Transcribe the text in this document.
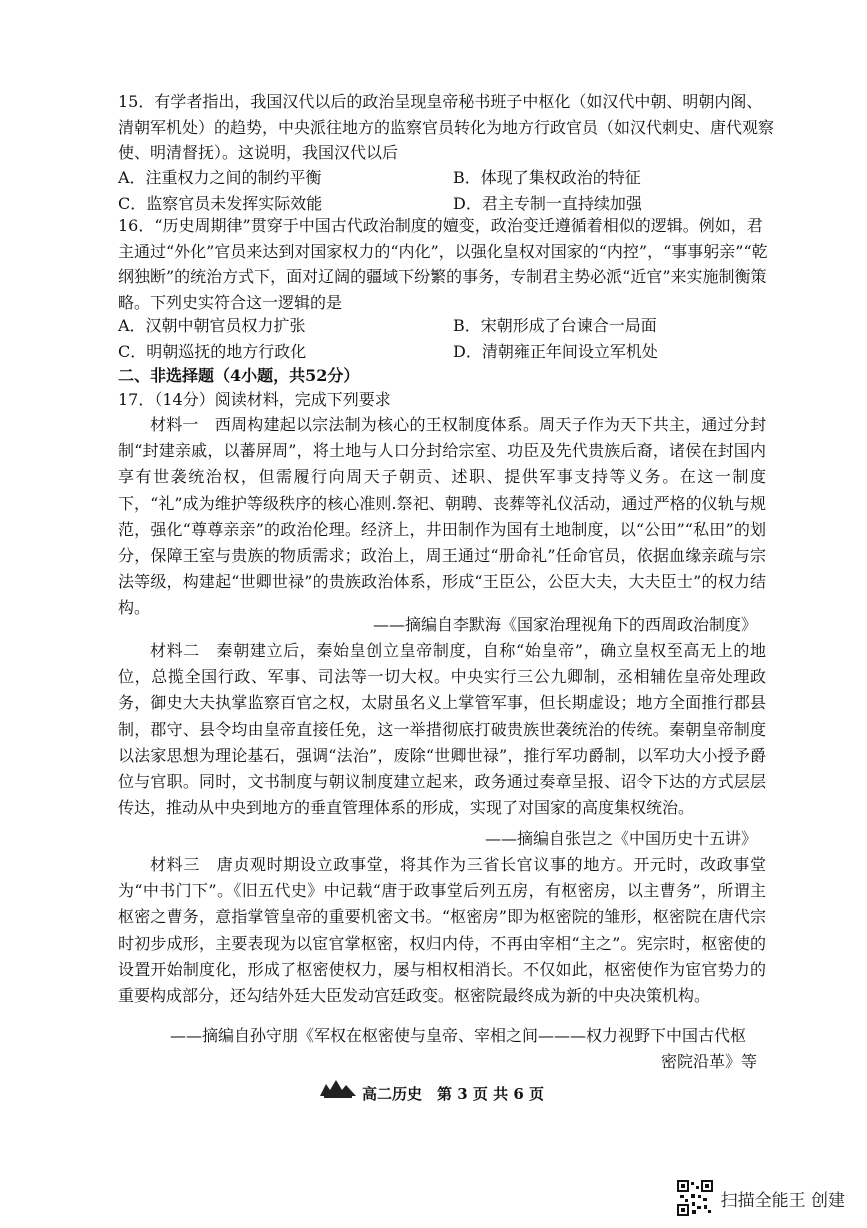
15．有学者指出，我国汉代以后的政治呈现皇帝秘书班子中枢化（如汉代中朝、明朝内阁、清朝军机处）的趋势，中央派往地方的监察官员转化为地方行政官员（如汉代刺史、唐代观察使、明清督抚）。这说明，我国汉代以后
A．注重权力之间的制约平衡	B．体现了集权政治的特征
C．监察官员未发挥实际效能	D．君主专制一直持续加强
16．“历史周期律”贯穿于中国古代政治制度的嬗变，政治变迁遵循着相似的逻辑。例如，君主通过“外化”官员来达到对国家权力的“内化”，以强化皇权对国家的“内控”，“事事躬亲”“乾纲独断”的统治方式下，面对辽阔的疆域下纷繁的事务，专制君主势必派“近官”来实施制衡策略。下列史实符合这一逻辑的是
A．汉朝中朝官员权力扩张	B．宋朝形成了台谏合一局面
C．明朝巡抚的地方行政化	D．清朝雍正年间设立军机处
二、非选择题（4小题，共52分）
17．（14分）阅读材料，完成下列要求

材料一　西周构建起以宗法制为核心的王权制度体系。周天子作为天下共主，通过分封制“封建亲戚，以蕃屏周”，将土地与人口分封给宗室、功臣及先代贵族后裔，诸侯在封国内享有世袭统治权，但需履行向周天子朝贡、述职、提供军事支持等义务。在这一制度下，“礼”成为维护等级秩序的核心准则.祭祀、朝聘、丧葬等礼仪活动，通过严格的仪轨与规范，强化“尊尊亲亲”的政治伦理。经济上，井田制作为国有土地制度，以“公田”“私田”的划分，保障王室与贵族的物质需求；政治上，周王通过“册命礼”任命官员，依据血缘亲疏与宗法等级，构建起“世卿世禄”的贵族政治体系，形成“王臣公，公臣大夫，大夫臣士”的权力结构。

——摘编自李默海《国家治理视角下的西周政治制度》

材料二　秦朝建立后，秦始皇创立皇帝制度，自称“始皇帝”，确立皇权至高无上的地位，总揽全国行政、军事、司法等一切大权。中央实行三公九卿制，丞相辅佐皇帝处理政务，御史大夫执掌监察百官之权，太尉虽名义上掌管军事，但长期虚设；地方全面推行郡县制，郡守、县令均由皇帝直接任免，这一举措彻底打破贵族世袭统治的传统。秦朝皇帝制度以法家思想为理论基石，强调“法治”，废除“世卿世禄”，推行军功爵制，以军功大小授予爵位与官职。同时，文书制度与朝议制度建立起来，政务通过奏章呈报、诏令下达的方式层层传达，推动从中央到地方的垂直管理体系的形成，实现了对国家的高度集权统治。

——摘编自张岂之《中国历史十五讲》

材料三　唐贞观时期设立政事堂，将其作为三省长官议事的地方。开元时，改政事堂为“中书门下”。《旧五代史》中记载“唐于政事堂后列五房，有枢密房，以主曹务”，所谓主枢密之曹务，意指掌管皇帝的重要机密文书。“枢密房”即为枢密院的雏形，枢密院在唐代宗时初步成形，主要表现为以宦官掌枢密，权归内侍，不再由宰相“主之”。宪宗时，枢密使的设置开始制度化，形成了枢密使权力，屡与相权相消长。不仅如此，枢密使作为宦官势力的重要构成部分，还勾结外廷大臣发动宫廷政变。枢密院最终成为新的中央决策机构。

——摘编自孙守朋《军权在枢密使与皇帝、宰相之间———权力视野下中国古代枢
密院沿革》等
高二历史　第 3 页 共 6 页
扫描全能王 创建
